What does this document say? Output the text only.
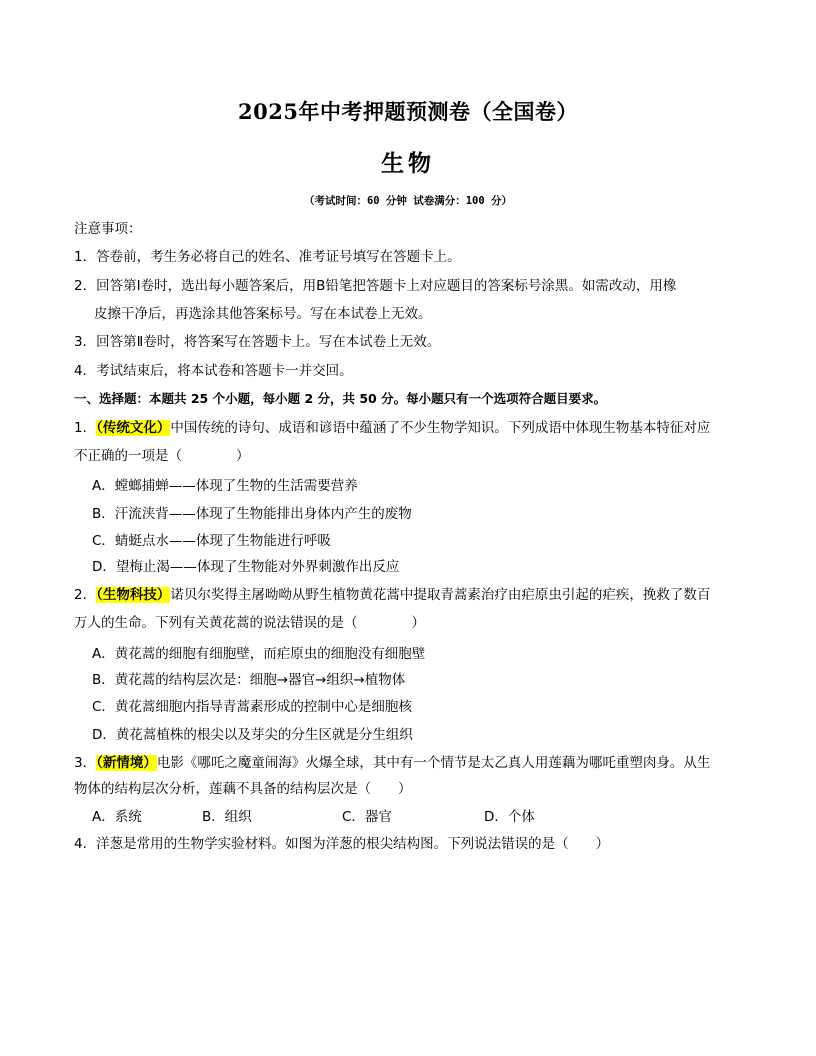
2025年中考押题预测卷（全国卷）
生物
（考试时间：60 分钟 试卷满分：100 分）
注意事项：
1．答卷前，考生务必将自己的姓名、准考证号填写在答题卡上。
2．回答第Ⅰ卷时，选出每小题答案后，用B铅笔把答题卡上对应题目的答案标号涂黑。如需改动，用橡
皮擦干净后，再选涂其他答案标号。写在本试卷上无效。
3．回答第Ⅱ卷时，将答案写在答题卡上。写在本试卷上无效。
4．考试结束后，将本试卷和答题卡一并交回。
一、选择题：本题共 25 个小题，每小题 2 分，共 50 分。每小题只有一个选项符合题目要求。
1．（传统文化）中国传统的诗句、成语和谚语中蕴涵了不少生物学知识。下列成语中体现生物基本特征对应
不正确的一项是（　　　　）
A．螳螂捕蝉——体现了生物的生活需要营养
B．汗流浃背——体现了生物能排出身体内产生的废物
C．蜻蜓点水——体现了生物能进行呼吸
D．望梅止渴——体现了生物能对外界刺激作出反应
2．（生物科技）诺贝尔奖得主屠呦呦从野生植物黄花蒿中提取青蒿素治疗由疟原虫引起的疟疾，挽救了数百
万人的生命。下列有关黄花蒿的说法错误的是（　　　　）
A．黄花蒿的细胞有细胞壁，而疟原虫的细胞没有细胞壁
B．黄花蒿的结构层次是：细胞→器官→组织→植物体
C．黄花蒿细胞内指导青蒿素形成的控制中心是细胞核
D．黄花蒿植株的根尖以及芽尖的分生区就是分生组织
3．（新情境）电影《哪吒之魔童闹海》火爆全球，其中有一个情节是太乙真人用莲藕为哪吒重塑肉身。从生
物体的结构层次分析，莲藕不具备的结构层次是（　　）
A．系统	B．组织	C．器官	D．个体
4．洋葱是常用的生物学实验材料。如图为洋葱的根尖结构图。下列说法错误的是（　　）
